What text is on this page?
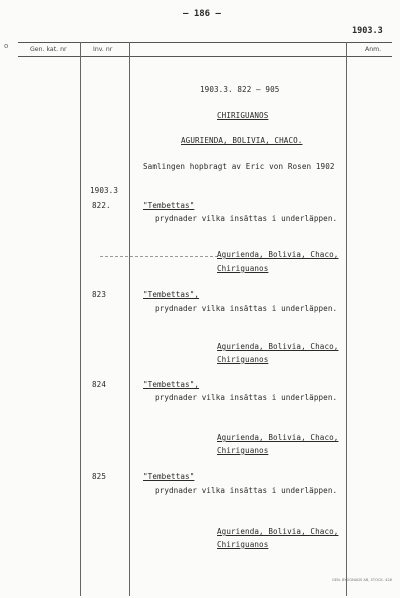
– 186 –
1903.3
o	Gen. kat. nr	Inv. nr	Anm.
1903.3. 822 – 905
CHIRIGUANOS
AGURIENDA, BOLIVIA, CHACO.
Samlingen hopbragt av Eric von Rosen 1902
1903.3
822.	"Tembettas"
prydnader vilka insättas i underläppen.
Agurienda, Bolivia, Chaco,
Chiriguanos
823	"Tembettas",
prydnader vilka insättas i underläppen.
Agurienda, Bolivia, Chaco,
Chiriguanos
824	"Tembettas",
prydnader vilka insättas i underläppen.
Agurienda, Bolivia, Chaco,
Chiriguanos
825	"Tembettas"
prydnader vilka insättas i underläppen.
Agurienda, Bolivia, Chaco,
Chiriguanos
GEN. BYGGNADS AB, STOCK. 428
